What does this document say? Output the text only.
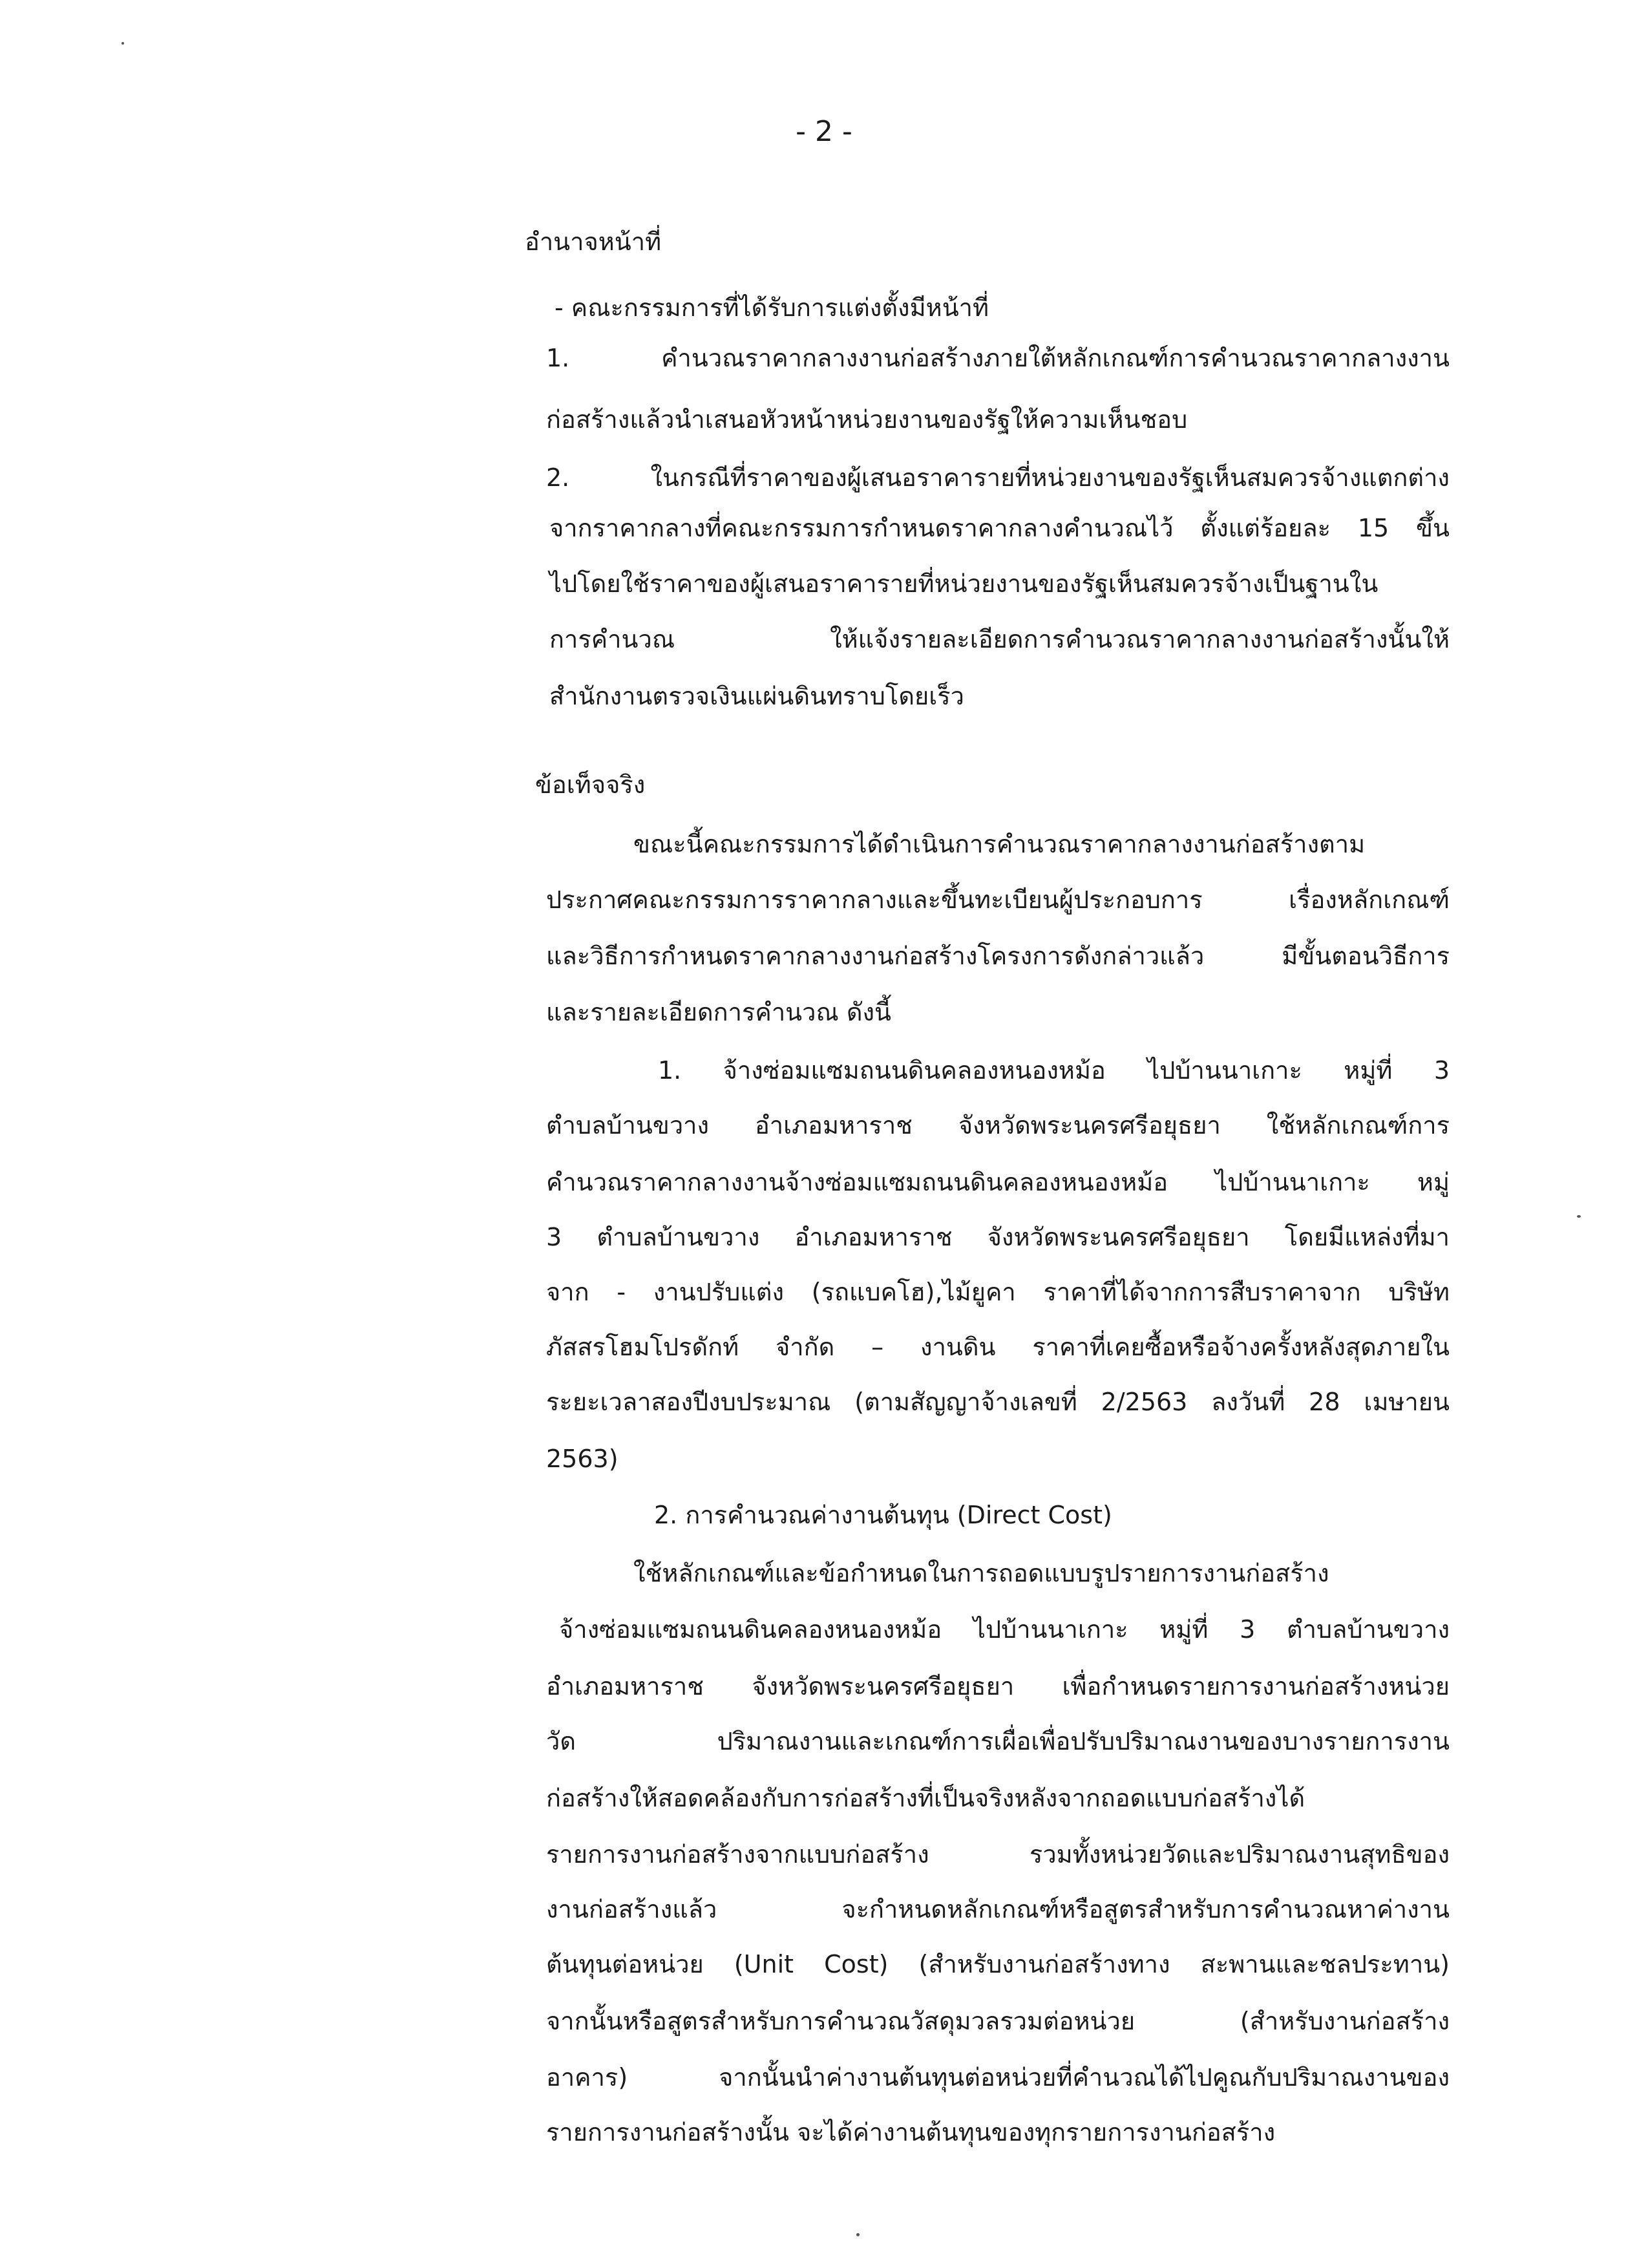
- 2 -
อำนาจหน้าที่
- คณะกรรมการที่ได้รับการแต่งตั้งมีหน้าที่
1. คำนวณราคากลางงานก่อสร้างภายใต้หลักเกณฑ์การคำนวณราคากลางงาน
ก่อสร้างแล้วนำเสนอหัวหน้าหน่วยงานของรัฐให้ความเห็นชอบ
2. ในกรณีที่ราคาของผู้เสนอราคารายที่หน่วยงานของรัฐเห็นสมควรจ้างแตกต่าง
จากราคากลางที่คณะกรรมการกำหนดราคากลางคำนวณไว้ ตั้งแต่ร้อยละ 15 ขึ้น
ไปโดยใช้ราคาของผู้เสนอราคารายที่หน่วยงานของรัฐเห็นสมควรจ้างเป็นฐานใน
การคำนวณ ให้แจ้งรายละเอียดการคำนวณราคากลางงานก่อสร้างนั้นให้
สำนักงานตรวจเงินแผ่นดินทราบโดยเร็ว
ข้อเท็จจริง
ขณะนี้คณะกรรมการได้ดำเนินการคำนวณราคากลางงานก่อสร้างตาม
ประกาศคณะกรรมการราคากลางและขึ้นทะเบียนผู้ประกอบการ เรื่องหลักเกณฑ์
และวิธีการกำหนดราคากลางงานก่อสร้างโครงการดังกล่าวแล้ว มีขั้นตอนวิธีการ
และรายละเอียดการคำนวณ ดังนี้
1. จ้างซ่อมแซมถนนดินคลองหนองหม้อ ไปบ้านนาเกาะ หมู่ที่ 3
ตำบลบ้านขวาง อำเภอมหาราช จังหวัดพระนครศรีอยุธยา ใช้หลักเกณฑ์การ
คำนวณราคากลางงานจ้างซ่อมแซมถนนดินคลองหนองหม้อ ไปบ้านนาเกาะ หมู่
3 ตำบลบ้านขวาง อำเภอมหาราช จังหวัดพระนครศรีอยุธยา โดยมีแหล่งที่มา
จาก - งานปรับแต่ง (รถแบคโฮ),ไม้ยูคา ราคาที่ได้จากการสืบราคาจาก บริษัท
ภัสสรโฮมโปรดักท์ จำกัด – งานดิน ราคาที่เคยซื้อหรือจ้างครั้งหลังสุดภายใน
ระยะเวลาสองปีงบประมาณ (ตามสัญญาจ้างเลขที่ 2/2563 ลงวันที่ 28 เมษายน
2563)
2. การคำนวณค่างานต้นทุน (Direct Cost)
ใช้หลักเกณฑ์และข้อกำหนดในการถอดแบบรูปรายการงานก่อสร้าง
จ้างซ่อมแซมถนนดินคลองหนองหม้อ ไปบ้านนาเกาะ หมู่ที่ 3 ตำบลบ้านขวาง
อำเภอมหาราช จังหวัดพระนครศรีอยุธยา เพื่อกำหนดรายการงานก่อสร้างหน่วย
วัด ปริมาณงานและเกณฑ์การเผื่อเพื่อปรับปริมาณงานของบางรายการงาน
ก่อสร้างให้สอดคล้องกับการก่อสร้างที่เป็นจริงหลังจากถอดแบบก่อสร้างได้
รายการงานก่อสร้างจากแบบก่อสร้าง รวมทั้งหน่วยวัดและปริมาณงานสุทธิของ
งานก่อสร้างแล้ว จะกำหนดหลักเกณฑ์หรือสูตรสำหรับการคำนวณหาค่างาน
ต้นทุนต่อหน่วย (Unit Cost) (สำหรับงานก่อสร้างทาง สะพานและชลประทาน)
จากนั้นหรือสูตรสำหรับการคำนวณวัสดุมวลรวมต่อหน่วย (สำหรับงานก่อสร้าง
อาคาร) จากนั้นนำค่างานต้นทุนต่อหน่วยที่คำนวณได้ไปคูณกับปริมาณงานของ
รายการงานก่อสร้างนั้น จะได้ค่างานต้นทุนของทุกรายการงานก่อสร้าง
